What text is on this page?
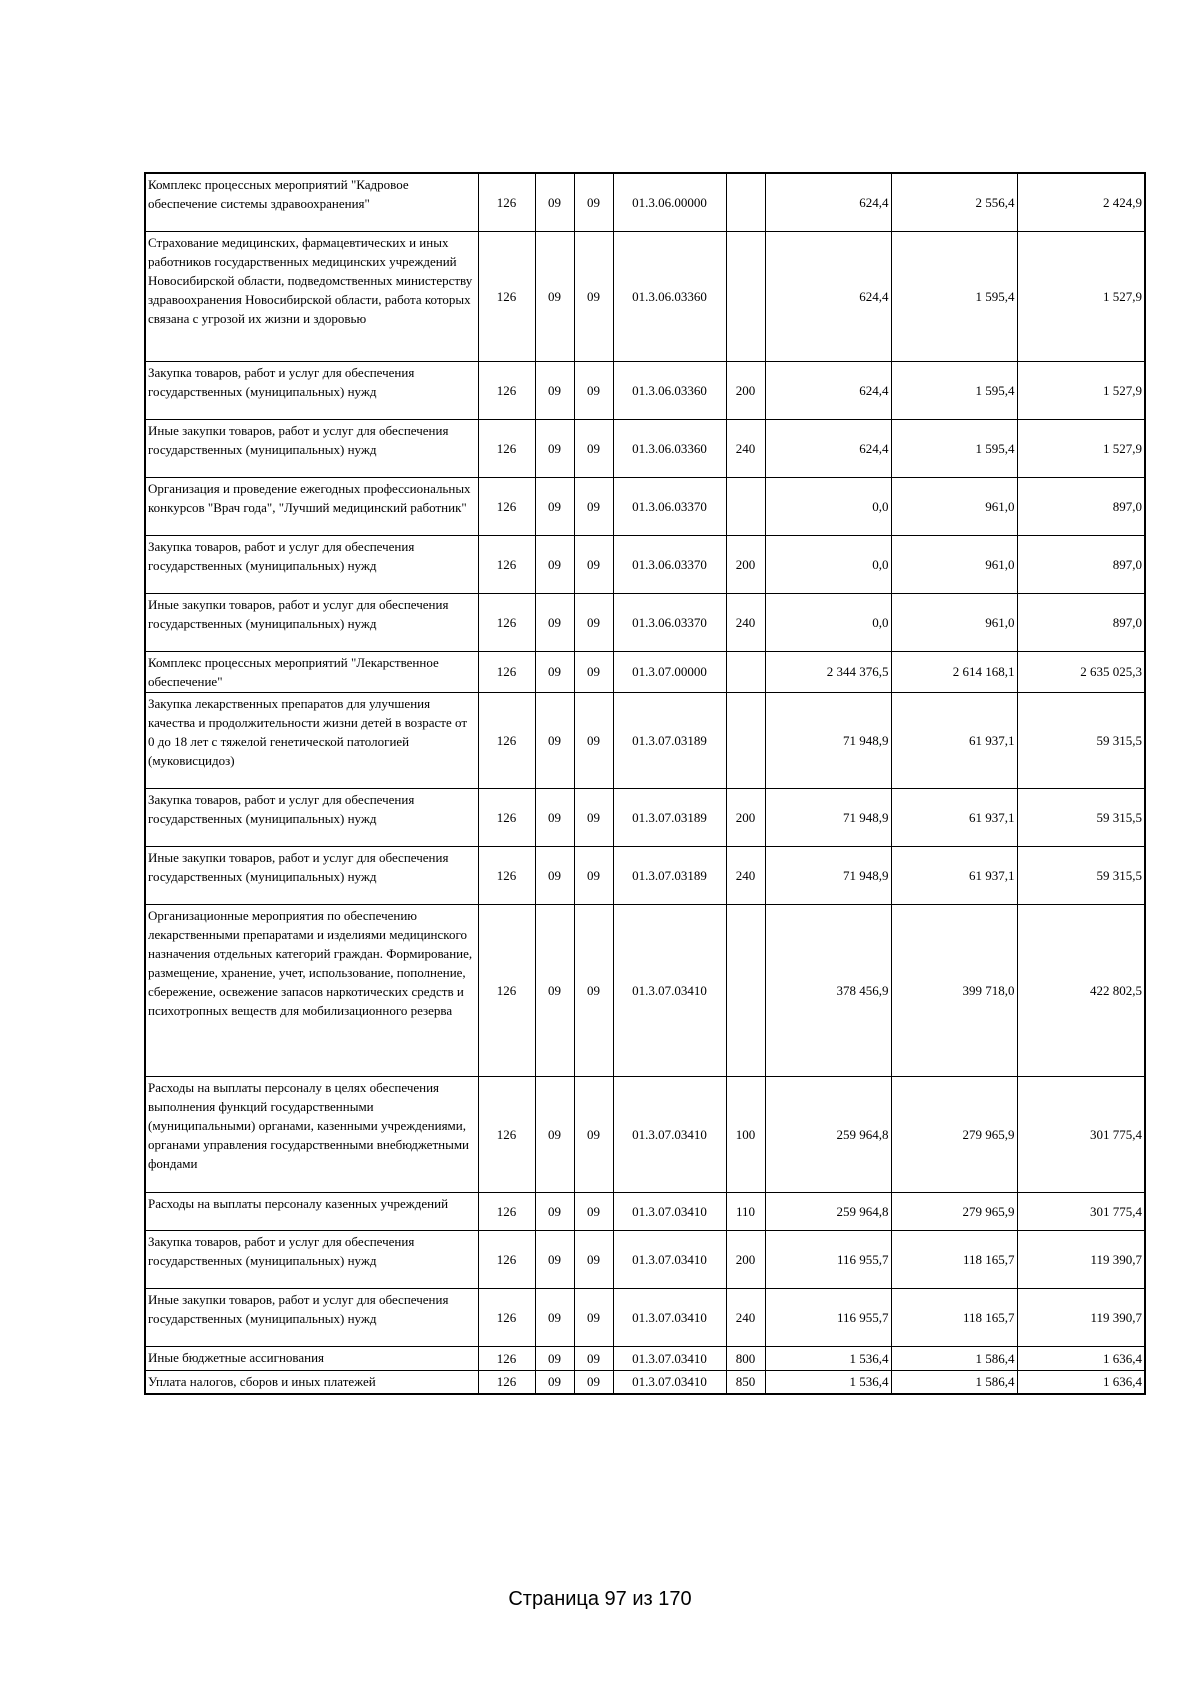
Комплекс процессных мероприятий "Кадровое обеспечение системы здравоохранения"	126	09	09	01.3.06.00000		624,4	2 556,4	2 424,9
Страхование медицинских, фармацевтических и иных работников государственных медицинских учреждений Новосибирской области, подведомственных министерству здравоохранения Новосибирской области, работа которых связана с угрозой их жизни и здоровью	126	09	09	01.3.06.03360		624,4	1 595,4	1 527,9
Закупка товаров, работ и услуг для обеспечения государственных (муниципальных) нужд	126	09	09	01.3.06.03360	200	624,4	1 595,4	1 527,9
Иные закупки товаров, работ и услуг для обеспечения государственных (муниципальных) нужд	126	09	09	01.3.06.03360	240	624,4	1 595,4	1 527,9
Организация и проведение ежегодных профессиональных конкурсов "Врач года", "Лучший медицинский работник"	126	09	09	01.3.06.03370		0,0	961,0	897,0
Закупка товаров, работ и услуг для обеспечения государственных (муниципальных) нужд	126	09	09	01.3.06.03370	200	0,0	961,0	897,0
Иные закупки товаров, работ и услуг для обеспечения государственных (муниципальных) нужд	126	09	09	01.3.06.03370	240	0,0	961,0	897,0
Комплекс процессных мероприятий "Лекарственное обеспечение"	126	09	09	01.3.07.00000		2 344 376,5	2 614 168,1	2 635 025,3
Закупка лекарственных препаратов для улучшения качества и продолжительности жизни детей в возрасте от 0 до 18 лет с тяжелой генетической патологией (муковисцидоз)	126	09	09	01.3.07.03189		71 948,9	61 937,1	59 315,5
Закупка товаров, работ и услуг для обеспечения государственных (муниципальных) нужд	126	09	09	01.3.07.03189	200	71 948,9	61 937,1	59 315,5
Иные закупки товаров, работ и услуг для обеспечения государственных (муниципальных) нужд	126	09	09	01.3.07.03189	240	71 948,9	61 937,1	59 315,5
Организационные мероприятия по обеспечению лекарственными препаратами и изделиями медицинского назначения отдельных категорий граждан. Формирование, размещение, хранение, учет, использование, пополнение, сбережение, освежение запасов наркотических средств и психотропных веществ для мобилизационного резерва	126	09	09	01.3.07.03410		378 456,9	399 718,0	422 802,5
Расходы на выплаты персоналу в целях обеспечения выполнения функций государственными (муниципальными) органами, казенными учреждениями, органами управления государственными внебюджетными фондами	126	09	09	01.3.07.03410	100	259 964,8	279 965,9	301 775,4
Расходы на выплаты персоналу казенных учреждений	126	09	09	01.3.07.03410	110	259 964,8	279 965,9	301 775,4
Закупка товаров, работ и услуг для обеспечения государственных (муниципальных) нужд	126	09	09	01.3.07.03410	200	116 955,7	118 165,7	119 390,7
Иные закупки товаров, работ и услуг для обеспечения государственных (муниципальных) нужд	126	09	09	01.3.07.03410	240	116 955,7	118 165,7	119 390,7
Иные бюджетные ассигнования	126	09	09	01.3.07.03410	800	1 536,4	1 586,4	1 636,4
Уплата налогов, сборов и иных платежей	126	09	09	01.3.07.03410	850	1 536,4	1 586,4	1 636,4
Страница 97 из 170
